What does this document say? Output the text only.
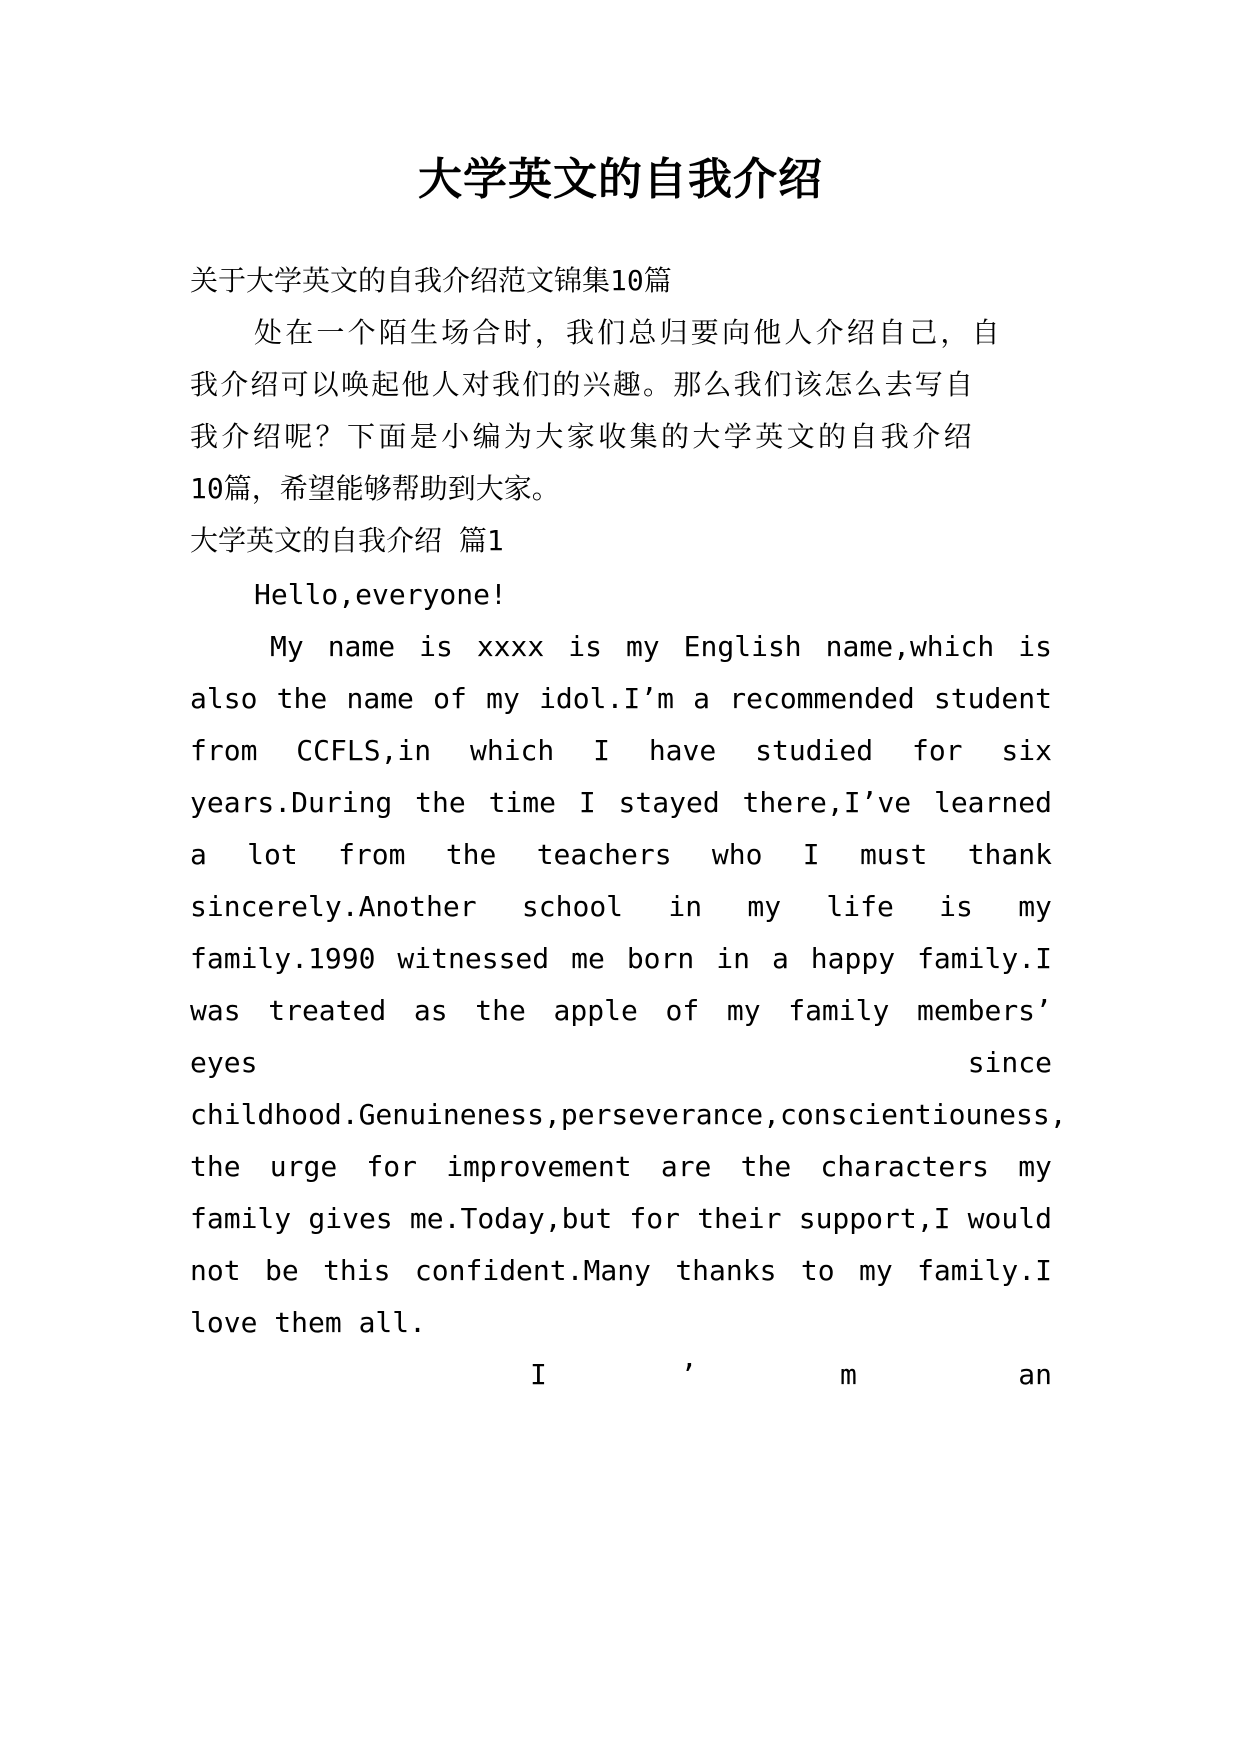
大学英文的自我介绍
关于大学英文的自我介绍范文锦集10篇
处在一个陌生场合时，我们总归要向他人介绍自己，自
我介绍可以唤起他人对我们的兴趣。那么我们该怎么去写自
我介绍呢？下面是小编为大家收集的大学英文的自我介绍
10篇，希望能够帮助到大家。
大学英文的自我介绍 篇1
Hello,everyone!
My name is xxxx is my English name,which is
also the name of my idol.I’m a recommended student
from CCFLS,in which I have studied for six
years.During the time I stayed there,I’ve learned
a lot from the teachers who I must thank
sincerely.Another school in my life is my
family.1990 witnessed me born in a happy family.I
was treated as the apple of my family members’
eyes	since
childhood.Genuineness,perseverance,conscientiouness,
the urge for improvement are the characters my
family gives me.Today,but for their support,I would
not be this confident.Many thanks to my family.I
love them all.
I	’	m	an
